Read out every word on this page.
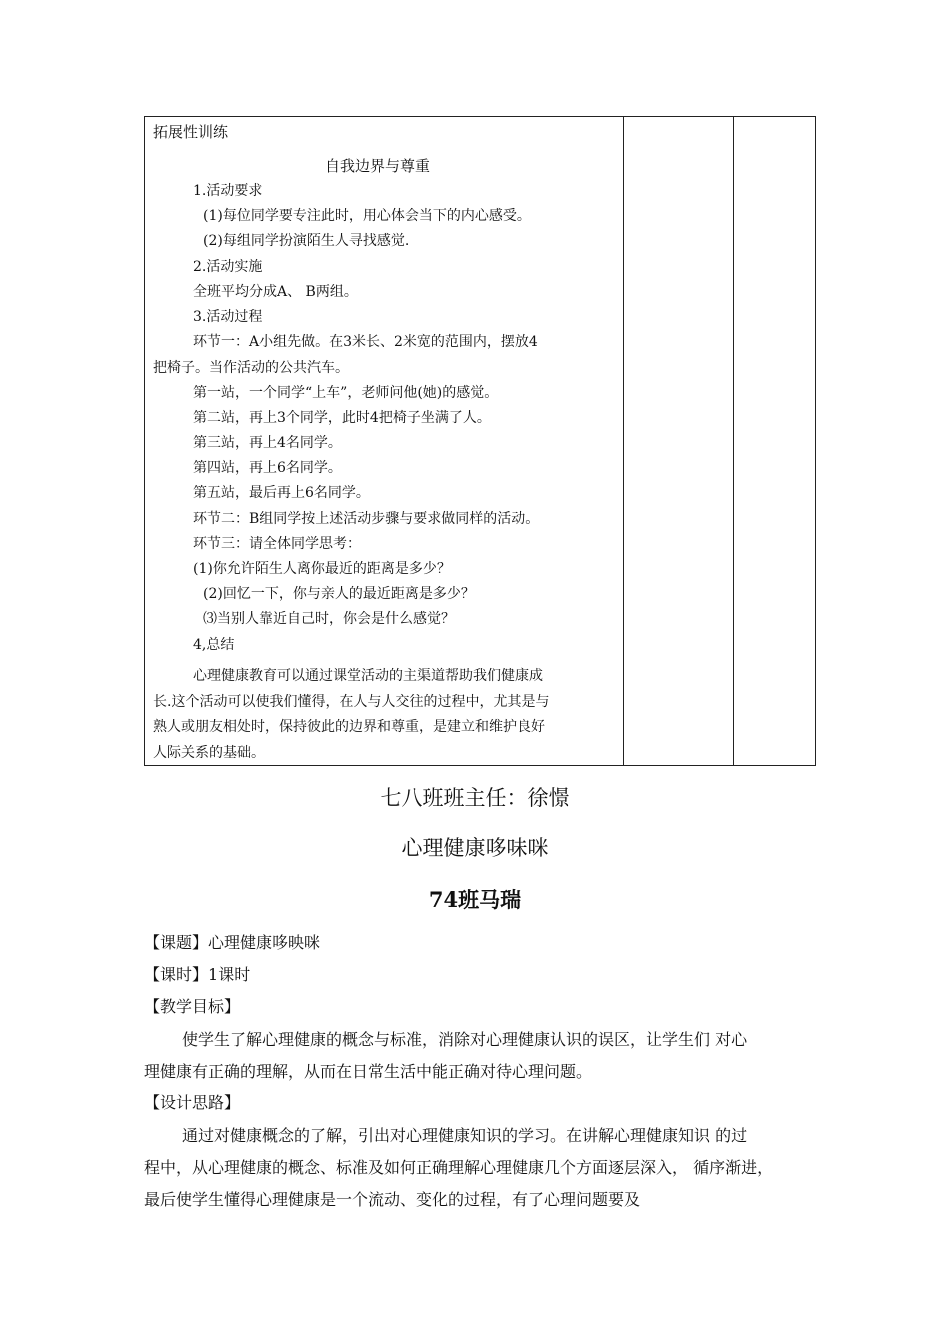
拓展性训练
自我边界与尊重
1.活动要求
(1)每位同学要专注此时，用心体会当下的内心感受。
(2)每组同学扮演陌生人寻找感觉.
2.活动实施
全班平均分成A、 B两组。
3.活动过程
环节一：A小组先做。在3米长、2米宽的范围内，摆放4
把椅子。当作活动的公共汽车。
第一站，一个同学“上车”，老师问他(她)的感觉。
第二站，再上3个同学，此时4把椅子坐满了人。
第三站，再上4名同学。
第四站，再上6名同学。
第五站，最后再上6名同学。
环节二：B组同学按上述活动步骤与要求做同样的活动。
环节三：请全体同学思考：
(1)你允许陌生人离你最近的距离是多少？
(2)回忆一下，你与亲人的最近距离是多少？
⑶当别人靠近自己时，你会是什么感觉？
4,总结
心理健康教育可以通过课堂活动的主渠道帮助我们健康成
长.这个活动可以使我们懂得，在人与人交往的过程中，尤其是与
熟人或朋友相处时，保持彼此的边界和尊重，是建立和维护良好
人际关系的基础。
七八班班主任：徐憬
心理健康哆味咪
74班马瑞
【课题】心理健康哆映咪
【课时】1课时
【教学目标】
使学生了解心理健康的概念与标准，消除对心理健康认识的误区，让学生们 对心
理健康有正确的理解，从而在日常生活中能正确对待心理问题。
【设计思路】
通过对健康概念的了解，引出对心理健康知识的学习。在讲解心理健康知识 的过
程中，从心理健康的概念、标准及如何正确理解心理健康几个方面逐层深入， 循序渐进，
最后使学生懂得心理健康是一个流动、变化的过程，有了心理问题要及
